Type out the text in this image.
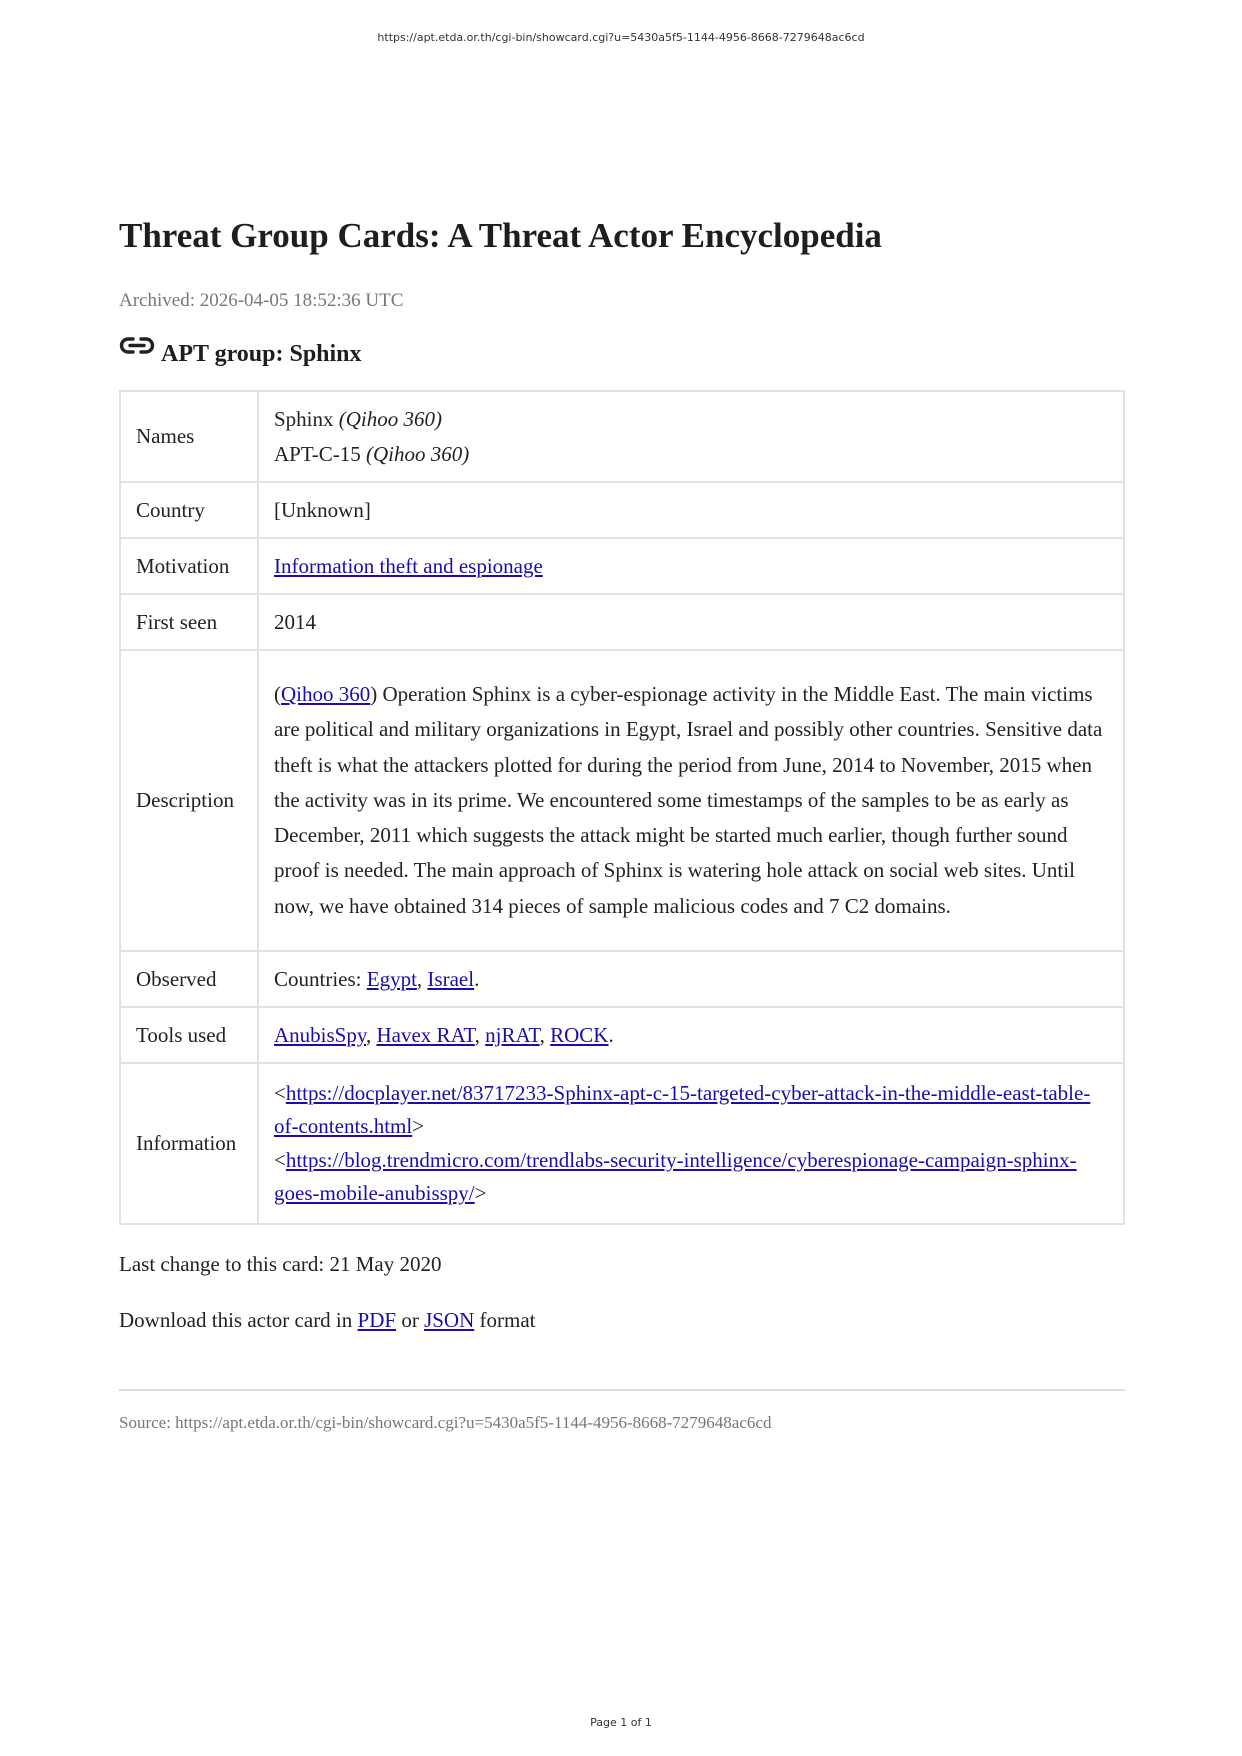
https://apt.etda.or.th/cgi-bin/showcard.cgi?u=5430a5f5-1144-4956-8668-7279648ac6cd
Threat Group Cards: A Threat Actor Encyclopedia
Archived: 2026-04-05 18:52:36 UTC
APT group: Sphinx
Names	Sphinx (Qihoo 360)
APT-C-15 (Qihoo 360)

Country	[Unknown]
Motivation	Information theft and espionage
First seen	2014
Description	(Qihoo 360) Operation Sphinx is a cyber-espionage activity in the Middle East. The main victims are political and military organizations in Egypt, Israel and possibly other countries. Sensitive data theft is what the attackers plotted for during the period from June, 2014 to November, 2015 when the activity was in its prime. We encountered some timestamps of the samples to be as early as December, 2011 which suggests the attack might be started much earlier, though further sound proof is needed. The main approach of Sphinx is watering hole attack on social web sites. Until now, we have obtained 314 pieces of sample malicious codes and 7 C2 domains.
Observed	Countries: Egypt, Israel.
Tools used	AnubisSpy, Havex RAT, njRAT, ROCK.
Information	<https://docplayer.net/83717233-Sphinx-apt-c-15-targeted-cyber-attack-in-the-middle-east-table-of-contents.html>
<https://blog.trendmicro.com/trendlabs-security-intelligence/cyberespionage-campaign-sphinx-goes-mobile-anubisspy/>
Last change to this card: 21 May 2020
Download this actor card in PDF or JSON format
Source: https://apt.etda.or.th/cgi-bin/showcard.cgi?u=5430a5f5-1144-4956-8668-7279648ac6cd
Page 1 of 1
